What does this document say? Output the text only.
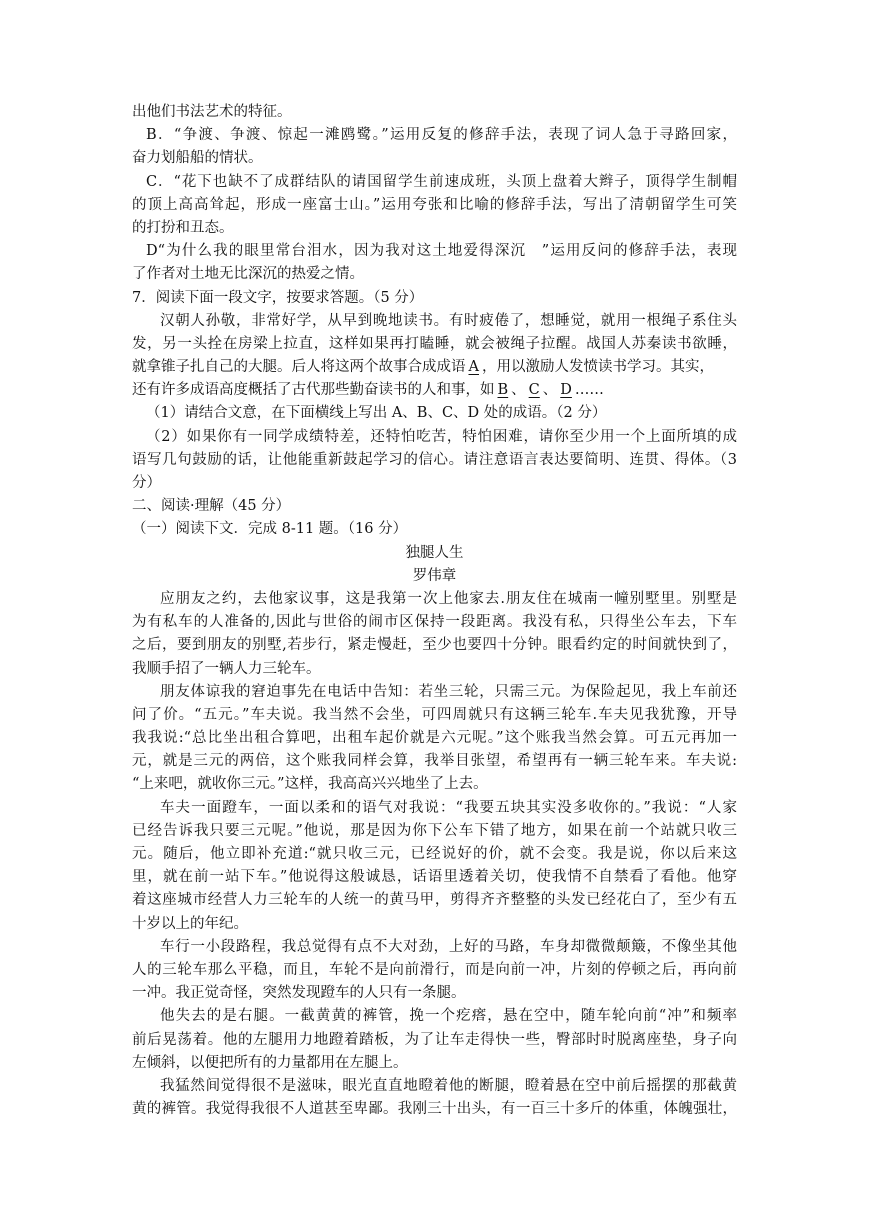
出他们书法艺术的特征。
B．“争渡、争渡、惊起一滩鸥鹭。”运用反复的修辞手法，表现了词人急于寻路回家，
奋力划船船的情状。
C．“花下也缺不了成群结队的请国留学生前速成班，头顶上盘着大辫子，顶得学生制帽
的顶上高高耸起，形成一座富士山。”运用夸张和比喻的修辞手法，写出了清朝留学生可笑
的打扮和丑态。
D“为什么我的眼里常台泪水，因为我对这土地爱得深沉　”运用反问的修辞手法，表现
了作者对土地无比深沉的热爱之情。
7．阅读下面一段文字，按要求答题。（5 分）
汉朝人孙敬，非常好学，从早到晚地读书。有时疲倦了，想睡觉，就用一根绳子系住头
发，另一头拴在房梁上拉直，这样如果再打瞌睡，就会被绳子拉醒。战国人苏秦读书欲睡，
就拿锥子扎自己的大腿。后人将这两个故事合成成语 A ，用以激励人发愤读书学习。其实，
还有许多成语高度概括了古代那些勤奋读书的人和事，如 B 、 C 、 D ……
（1）请结合文意，在下面横线上写出 A、B、C、D 处的成语。（2 分）
（2）如果你有一同学成绩特差，还特怕吃苦，特怕困难，请你至少用一个上面所填的成
语写几句鼓励的话，让他能重新鼓起学习的信心。请注意语言表达要简明、连贯、得体。（3
分）
二、阅读·理解（45 分）
（一）阅读下文．完成 8-11 题。（16 分）
独腿人生
罗伟章
应朋友之约，去他家议事，这是我第一次上他家去.朋友住在城南一幢别墅里。别墅是
为有私车的人准备的,因此与世俗的闹市区保持一段距离。我没有私，只得坐公车去，下车
之后，要到朋友的别墅,若步行，紧走慢赶，至少也要四十分钟。眼看约定的时间就快到了，
我顺手招了一辆人力三轮车。
朋友体谅我的窘迫事先在电话中告知：若坐三轮，只需三元。为保险起见，我上车前还
问了价。“五元。”车夫说。我当然不会坐，可四周就只有这辆三轮车.车夫见我犹豫，开导
我我说:“总比坐出租合算吧，出租车起价就是六元呢。”这个账我当然会算。可五元再加一
元，就是三元的两倍，这个账我同样会算，我举目张望，希望再有一辆三轮车来。车夫说:
“上来吧，就收你三元。”这样，我高高兴兴地坐了上去。
车夫一面蹬车，一面以柔和的语气对我说：“我要五块其实没多收你的。”我说：“人家
已经告诉我只要三元呢。”他说，那是因为你下公车下错了地方，如果在前一个站就只收三
元。随后，他立即补充道:“就只收三元，已经说好的价，就不会变。我是说，你以后来这
里，就在前一站下车。”他说得这般诚恳，话语里透着关切，使我情不自禁看了看他。他穿
着这座城市经营人力三轮车的人统一的黄马甲，剪得齐齐整整的头发已经花白了，至少有五
十岁以上的年纪。
车行一小段路程，我总觉得有点不大对劲，上好的马路，车身却微微颠簸，不像坐其他
人的三轮车那么平稳，而且，车轮不是向前滑行，而是向前一冲，片刻的停顿之后，再向前
一冲。我正觉奇怪，突然发现蹬车的人只有一条腿。
他失去的是右腿。一截黄黄的裤管，挽一个疙瘩，悬在空中，随车轮向前“冲”和频率
前后晃荡着。他的左腿用力地蹬着踏板，为了让车走得快一些，臀部时时脱离座垫，身子向
左倾斜，以便把所有的力量都用在左腿上。
我猛然间觉得很不是滋味，眼光直直地瞪着他的断腿，瞪着悬在空中前后摇摆的那截黄
黄的裤管。我觉得我很不人道甚至卑鄙。我刚三十出头，有一百三十多斤的体重，体魄强壮，
